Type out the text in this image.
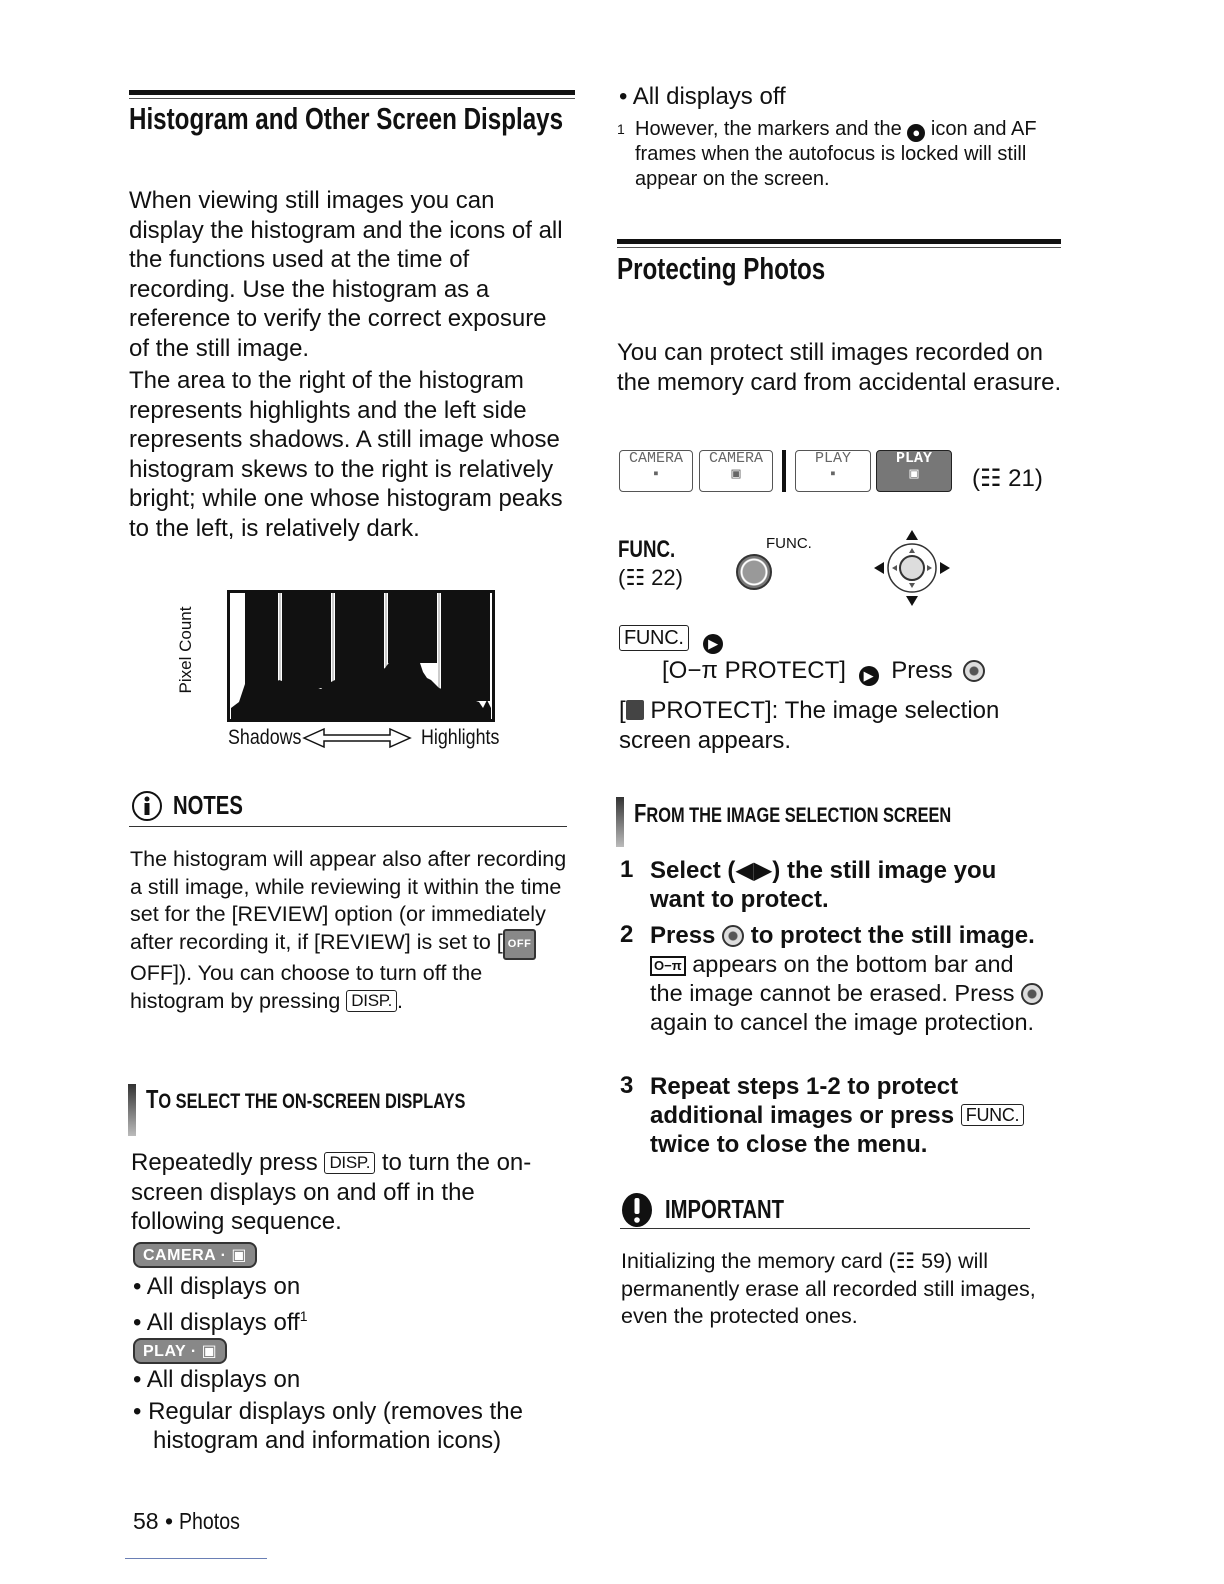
Histogram and Other Screen Displays
When viewing still images you can display the histogram and the icons of all the functions used at the time of recording. Use the histogram as a reference to verify the correct exposure of the still image.
The area to the right of the histogram represents highlights and the left side represents shadows. A still image whose histogram skews to the right is relatively bright; while one whose histogram peaks to the left, is relatively dark.
Pixel Count
Shadows	Highlights
NOTES
The histogram will appear also after recording a still image, while reviewing it within the time set for the [REVIEW] option (or immediately after recording it, if [REVIEW] is set to [ OFF OFF]). You can choose to turn off the histogram by pressing DISP. .
TO SELECT THE ON-SCREEN DISPLAYS
Repeatedly press DISP. to turn the on-screen displays on and off in the following sequence.
CAMERA · ▣
• All displays on
• All displays off$^1$
PLAY · ▣
• All displays on
• Regular displays only (removes the histogram and information icons)
58 • Photos
• All displays off
1 However, the markers and the ● icon and AF frames when the autofocus is locked will still appear on the screen.
Protecting Photos
You can protect still images recorded on the memory card from accidental erasure.
CAMERA
▪
CAMERA
▣
PLAY
▪
PLAY
▣	(☷ 21)
FUNC.
(☷ 22)
FUNC.
FUNC. ▶
[O−π PROTECT] ▶ Press
[ PROTECT]: The image selection screen appears.
FROM THE IMAGE SELECTION SCREEN
1 Select (◀▶) the still image you want to protect.
2 Press  to protect the still image.
O−π appears on the bottom bar and the image cannot be erased. Press  again to cancel the image protection.
3 Repeat steps 1-2 to protect additional images or press FUNC. twice to close the menu.
IMPORTANT
Initializing the memory card (☷ 59) will permanently erase all recorded still images, even the protected ones.
